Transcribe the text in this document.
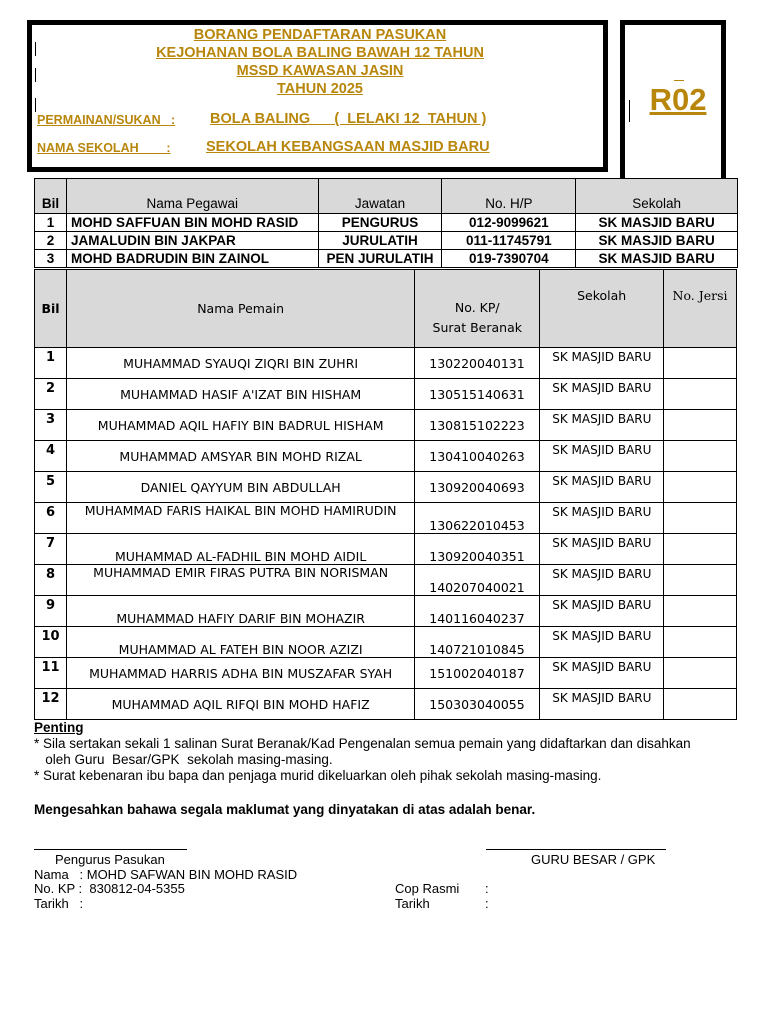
BORANG PENDAFTARAN PASUKAN
KEJOHANAN BOLA BALING BAWAH 12 TAHUN
MSSD KAWASAN JASIN
TAHUN 2025
PERMAINAN/SUKAN   : BOLA BALING      (  LELAKI 12  TAHUN )
NAMA SEKOLAH        : SEKOLAH KEBANGSAAN MASJID BARU
R02
Bil	Nama Pegawai	Jawatan	No. H/P	Sekolah
1	MOHD SAFFUAN BIN MOHD RASID	PENGURUS	012-9099621	SK MASJID BARU
2	JAMALUDIN BIN JAKPAR	JURULATIH	011-11745791	SK MASJID BARU
3	MOHD BADRUDIN BIN ZAINOL	PEN JURULATIH	019-7390704	SK MASJID BARU
Bil	Nama Pemain	No. KP/
Surat Beranak	Sekolah	No. Jersi
1	MUHAMMAD SYAUQI ZIQRI BIN ZUHRI	130220040131	SK MASJID BARU	
2	MUHAMMAD HASIF A'IZAT BIN HISHAM	130515140631	SK MASJID BARU	
3	MUHAMMAD AQIL HAFIY BIN BADRUL HISHAM	130815102223	SK MASJID BARU	
4	MUHAMMAD AMSYAR BIN MOHD RIZAL	130410040263	SK MASJID BARU	
5	DANIEL QAYYUM BIN ABDULLAH	130920040693	SK MASJID BARU	
6	MUHAMMAD FARIS HAIKAL BIN MOHD HAMIRUDIN	130622010453	SK MASJID BARU	
7	MUHAMMAD AL-FADHIL BIN MOHD AIDIL	130920040351	SK MASJID BARU	
8	MUHAMMAD EMIR FIRAS PUTRA BIN NORISMAN	140207040021	SK MASJID BARU	
9	MUHAMMAD HAFIY DARIF BIN MOHAZIR	140116040237	SK MASJID BARU	
10	MUHAMMAD AL FATEH BIN NOOR AZIZI	140721010845	SK MASJID BARU	
11	MUHAMMAD HARRIS ADHA BIN MUSZAFAR SYAH	151002040187	SK MASJID BARU	
12	MUHAMMAD AQIL RIFQI BIN MOHD HAFIZ	150303040055	SK MASJID BARU	
Penting
* Sila sertakan sekali 1 salinan Surat Beranak/Kad Pengenalan semua pemain yang didaftarkan dan disahkan
oleh Guru  Besar/GPK  sekolah masing-masing.
* Surat kebenaran ibu bapa dan penjaga murid dikeluarkan oleh pihak sekolah masing-masing.
Mengesahkan bahawa segala maklumat yang dinyatakan di atas adalah benar.
Pengurus Pasukan	GURU BESAR / GPK
Nama   : MOHD SAFWAN BIN MOHD RASID
No. KP :  830812-04-5355	Cop Rasmi :
Tarikh   :	Tarikh	:
